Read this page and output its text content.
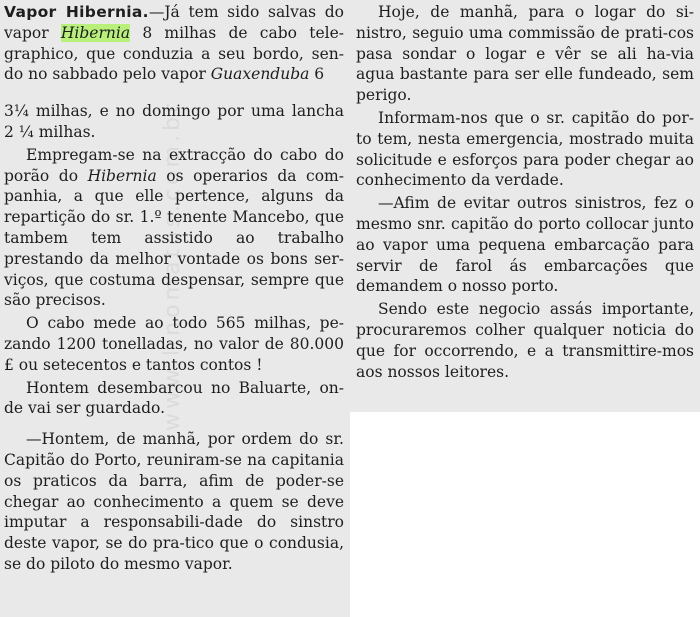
www.linomatos.com.br

Vapor Hibernia.—Já tem sido salvas do vapor Hibernia 8 milhas de cabo tele-graphico, que conduzia a seu bordo, sen-do no sabbado pelo vapor Guaxenduba 6

3¼ milhas, e no domingo por uma lancha 2 ¼ milhas.

Empregam-se na extracção do cabo do porão do Hibernia os operarios da com-panhia, a que elle pertence, alguns da repartição do sr. 1.º tenente Mancebo, que tambem tem assistido ao trabalho prestando da melhor vontade os bons ser-viços, que costuma despensar, sempre que são precisos.

O cabo mede ao todo 565 milhas, pe-zando 1200 tonelladas, no valor de 80.000 £ ou setecentos e tantos contos !

Hontem desembarcou no Baluarte, on-de vai ser guardado.

—Hontem, de manhã, por ordem do sr. Capitão do Porto, reuniram-se na capitania os praticos da barra, afim de poder-se chegar ao conhecimento a quem se deve imputar a responsabili-dade do sinstro deste vapor, se do pra-tico que o condusia, se do piloto do mesmo vapor.

Hoje, de manhã, para o logar do si-nistro, seguio uma commissão de prati-cos pasa sondar o logar e vêr se ali ha-via agua bastante para ser elle fundeado, sem perigo.

Informam-nos que o sr. capitão do por-to tem, nesta emergencia, mostrado muita solicitude e esforços para poder chegar ao conhecimento da verdade.

—Afim de evitar outros sinistros, fez o mesmo snr. capitão do porto collocar junto ao vapor uma pequena embarcação para servir de farol ás embarcações que demandem o nosso porto.

Sendo este negocio assás importante, procuraremos colher qualquer noticia do que for occorrendo, e a transmittire-mos aos nossos leitores.
